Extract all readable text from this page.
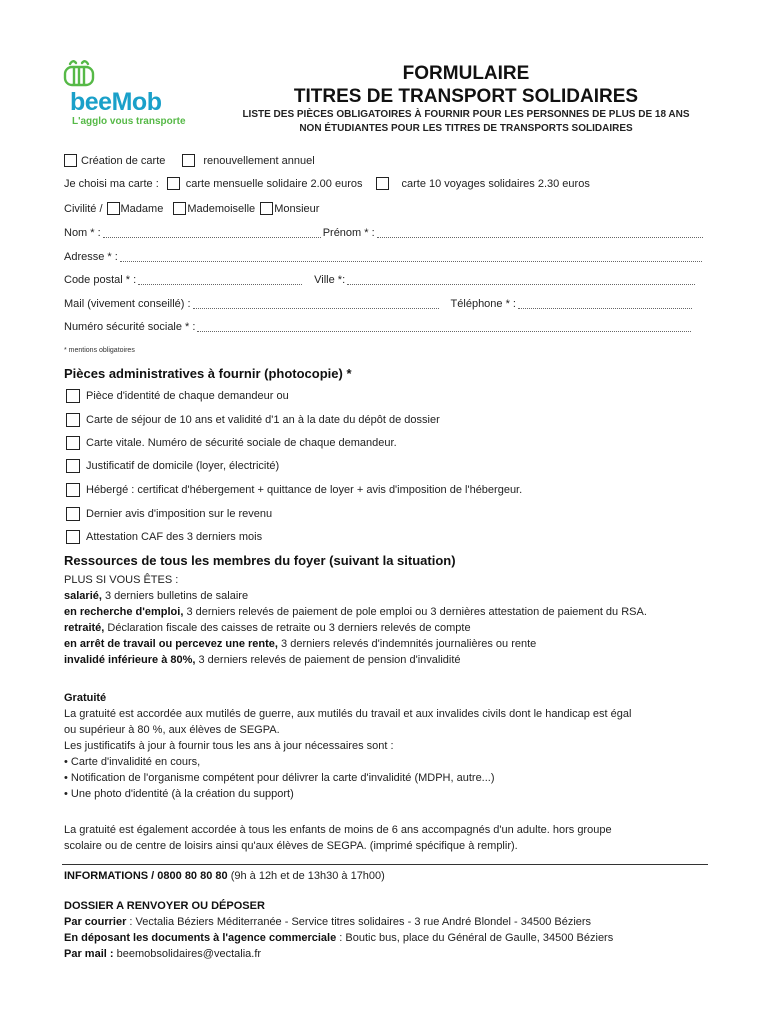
beeMob
L'agglo vous transporte
FORMULAIRE
TITRES DE TRANSPORT SOLIDAIRES
LISTE DES PIÈCES OBLIGATOIRES À FOURNIR POUR LES PERSONNES DE PLUS DE 18 ANS
NON ÉTUDIANTES POUR LES TITRES DE TRANSPORTS SOLIDAIRES
Création de carte	renouvellement annuel
Je choisi ma carte : carte mensuelle solidaire 2.00 euros	carte 10 voyages solidaires 2.30 euros
Civilité / Madame Mademoiselle Monsieur
Nom * :	Prénom * :
Adresse * :
Code postal * :	Ville *:
Mail (vivement conseillé) :	Téléphone * :
Numéro sécurité sociale * :
* mentions obligatoires
Pièces administratives à fournir (photocopie) *
Pièce d'identité de chaque demandeur ou
Carte de séjour de 10 ans et validité d'1 an à la date du dépôt de dossier
Carte vitale. Numéro de sécurité sociale de chaque demandeur.
Justificatif de domicile (loyer, électricité)
Hébergé : certificat d'hébergement + quittance de loyer + avis d'imposition de l'hébergeur.
Dernier avis d'imposition sur le revenu
Attestation CAF des 3 derniers mois
Ressources de tous les membres du foyer (suivant la situation)
PLUS SI VOUS ÊTES :
salarié, 3 derniers bulletins de salaire
en recherche d'emploi, 3 derniers relevés de paiement de pole emploi ou 3 dernières attestation de paiement du RSA.
retraité, Déclaration fiscale des caisses de retraite ou 3 derniers relevés de compte
en arrêt de travail ou percevez une rente, 3 derniers relevés d'indemnités journalières ou rente
invalidé inférieure à 80%, 3 derniers relevés de paiement de pension d'invalidité
Gratuité
La gratuité est accordée aux mutilés de guerre, aux mutilés du travail et aux invalides civils dont le handicap est égal
ou supérieur à 80 %, aux élèves de SEGPA.
Les justificatifs à jour à fournir tous les ans à jour nécessaires sont :
• Carte d'invalidité en cours,
• Notification de l'organisme compétent pour délivrer la carte d'invalidité (MDPH, autre...)
• Une photo d'identité (à la création du support)
La gratuité est également accordée à tous les enfants de moins de 6 ans accompagnés d'un adulte. hors groupe
scolaire ou de centre de loisirs ainsi qu'aux élèves de SEGPA. (imprimé spécifique à remplir).
INFORMATIONS / 0800 80 80 80 (9h à 12h et de 13h30 à 17h00)
DOSSIER A RENVOYER OU DÉPOSER
Par courrier : Vectalia Béziers Méditerranée - Service titres solidaires - 3 rue André Blondel - 34500 Béziers
En déposant les documents à l'agence commerciale : Boutic bus, place du Général de Gaulle, 34500 Béziers
Par mail : beemobsolidaires@vectalia.fr
